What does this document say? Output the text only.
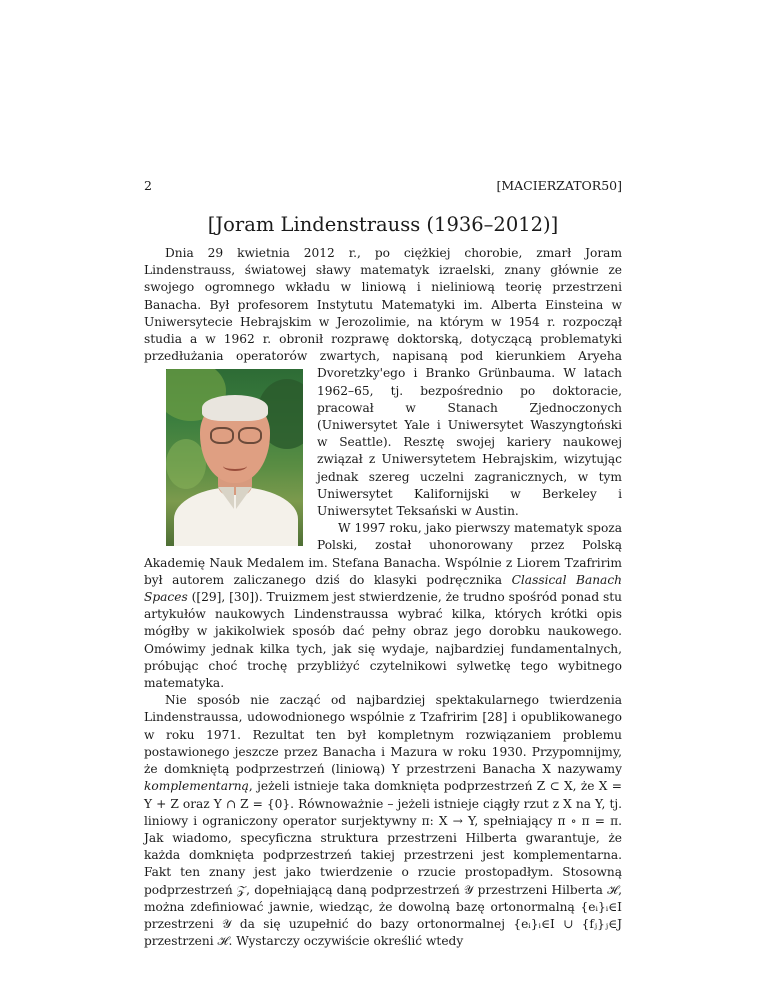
2	[MACIERZATOR50]
[Joram Lindenstrauss (1936–2012)]

Dnia 29 kwietnia 2012 r., po ciężkiej chorobie, zmarł Joram Lindenstrauss, światowej sławy matematyk izraelski, znany głównie ze swojego ogromnego wkładu w liniową i nieliniową teorię przestrzeni Banacha. Był profesorem Instytutu Matematyki im. Alberta Einsteina w Uniwersytecie Hebrajskim w Jerozolimie, na którym w 1954 r. rozpoczął studia a w 1962 r. obronił rozprawę doktorską, dotyczącą problematyki przedłużania operatorów zwartych, napisaną pod kierunkiem Aryeha Dvoretzky'ego i Branko Grünbauma. W latach 1962–65, tj. bezpośrednio po doktoracie, pracował w Stanach Zjednoczonych (Uniwersytet Yale i Uniwersytet Waszyngtoński w Seattle). Resztę swojej kariery naukowej związał z Uniwersytetem Hebrajskim, wizytując jednak szereg uczelni zagranicznych, w tym Uniwersytet Kalifornijski w Berkeley i Uniwersytet Teksański w Austin.

W 1997 roku, jako pierwszy matematyk spoza Polski, został uhonorowany przez Polską Akademię Nauk Medalem im. Stefana Banacha. Wspólnie z Liorem Tzafririm był autorem zaliczanego dziś do klasyki podręcznika Classical Banach Spaces ([29], [30]). Truizmem jest stwierdzenie, że trudno spośród ponad stu artykułów naukowych Lindenstraussa wybrać kilka, których krótki opis mógłby w jakikolwiek sposób dać pełny obraz jego dorobku naukowego. Omówimy jednak kilka tych, jak się wydaje, najbardziej fundamentalnych, próbując choć trochę przybliżyć czytelnikowi sylwetkę tego wybitnego matematyka.

Nie sposób nie zacząć od najbardziej spektakularnego twierdzenia Lindenstraussa, udowodnionego wspólnie z Tzafririm [28] i opublikowanego w roku 1971. Rezultat ten był kompletnym rozwiązaniem problemu postawionego jeszcze przez Banacha i Mazura w roku 1930. Przypomnijmy, że domkniętą podprzestrzeń (liniową) Y przestrzeni Banacha X nazywamy komplementarną, jeżeli istnieje taka domknięta podprzestrzeń Z ⊂ X, że X = Y + Z oraz Y ∩ Z = {0}. Równoważnie – jeżeli istnieje ciągły rzut z X na Y, tj. liniowy i ograniczony operator surjektywny π: X → Y, spełniający π ∘ π = π. Jak wiadomo, specyficzna struktura przestrzeni Hilberta gwarantuje, że każda domknięta podprzestrzeń takiej przestrzeni jest komplementarna. Fakt ten znany jest jako twierdzenie o rzucie prostopadłym. Stosowną podprzestrzeń 𝒵, dopełniającą daną podprzestrzeń 𝒴 przestrzeni Hilberta ℋ, można zdefiniować jawnie, wiedząc, że dowolną bazę ortonormalną {eᵢ}ᵢ∈I przestrzeni 𝒴 da się uzupełnić do bazy ortonormalnej {eᵢ}ᵢ∈I ∪ {fⱼ}ⱼ∈J przestrzeni ℋ. Wystarczy oczywiście określić wtedy
